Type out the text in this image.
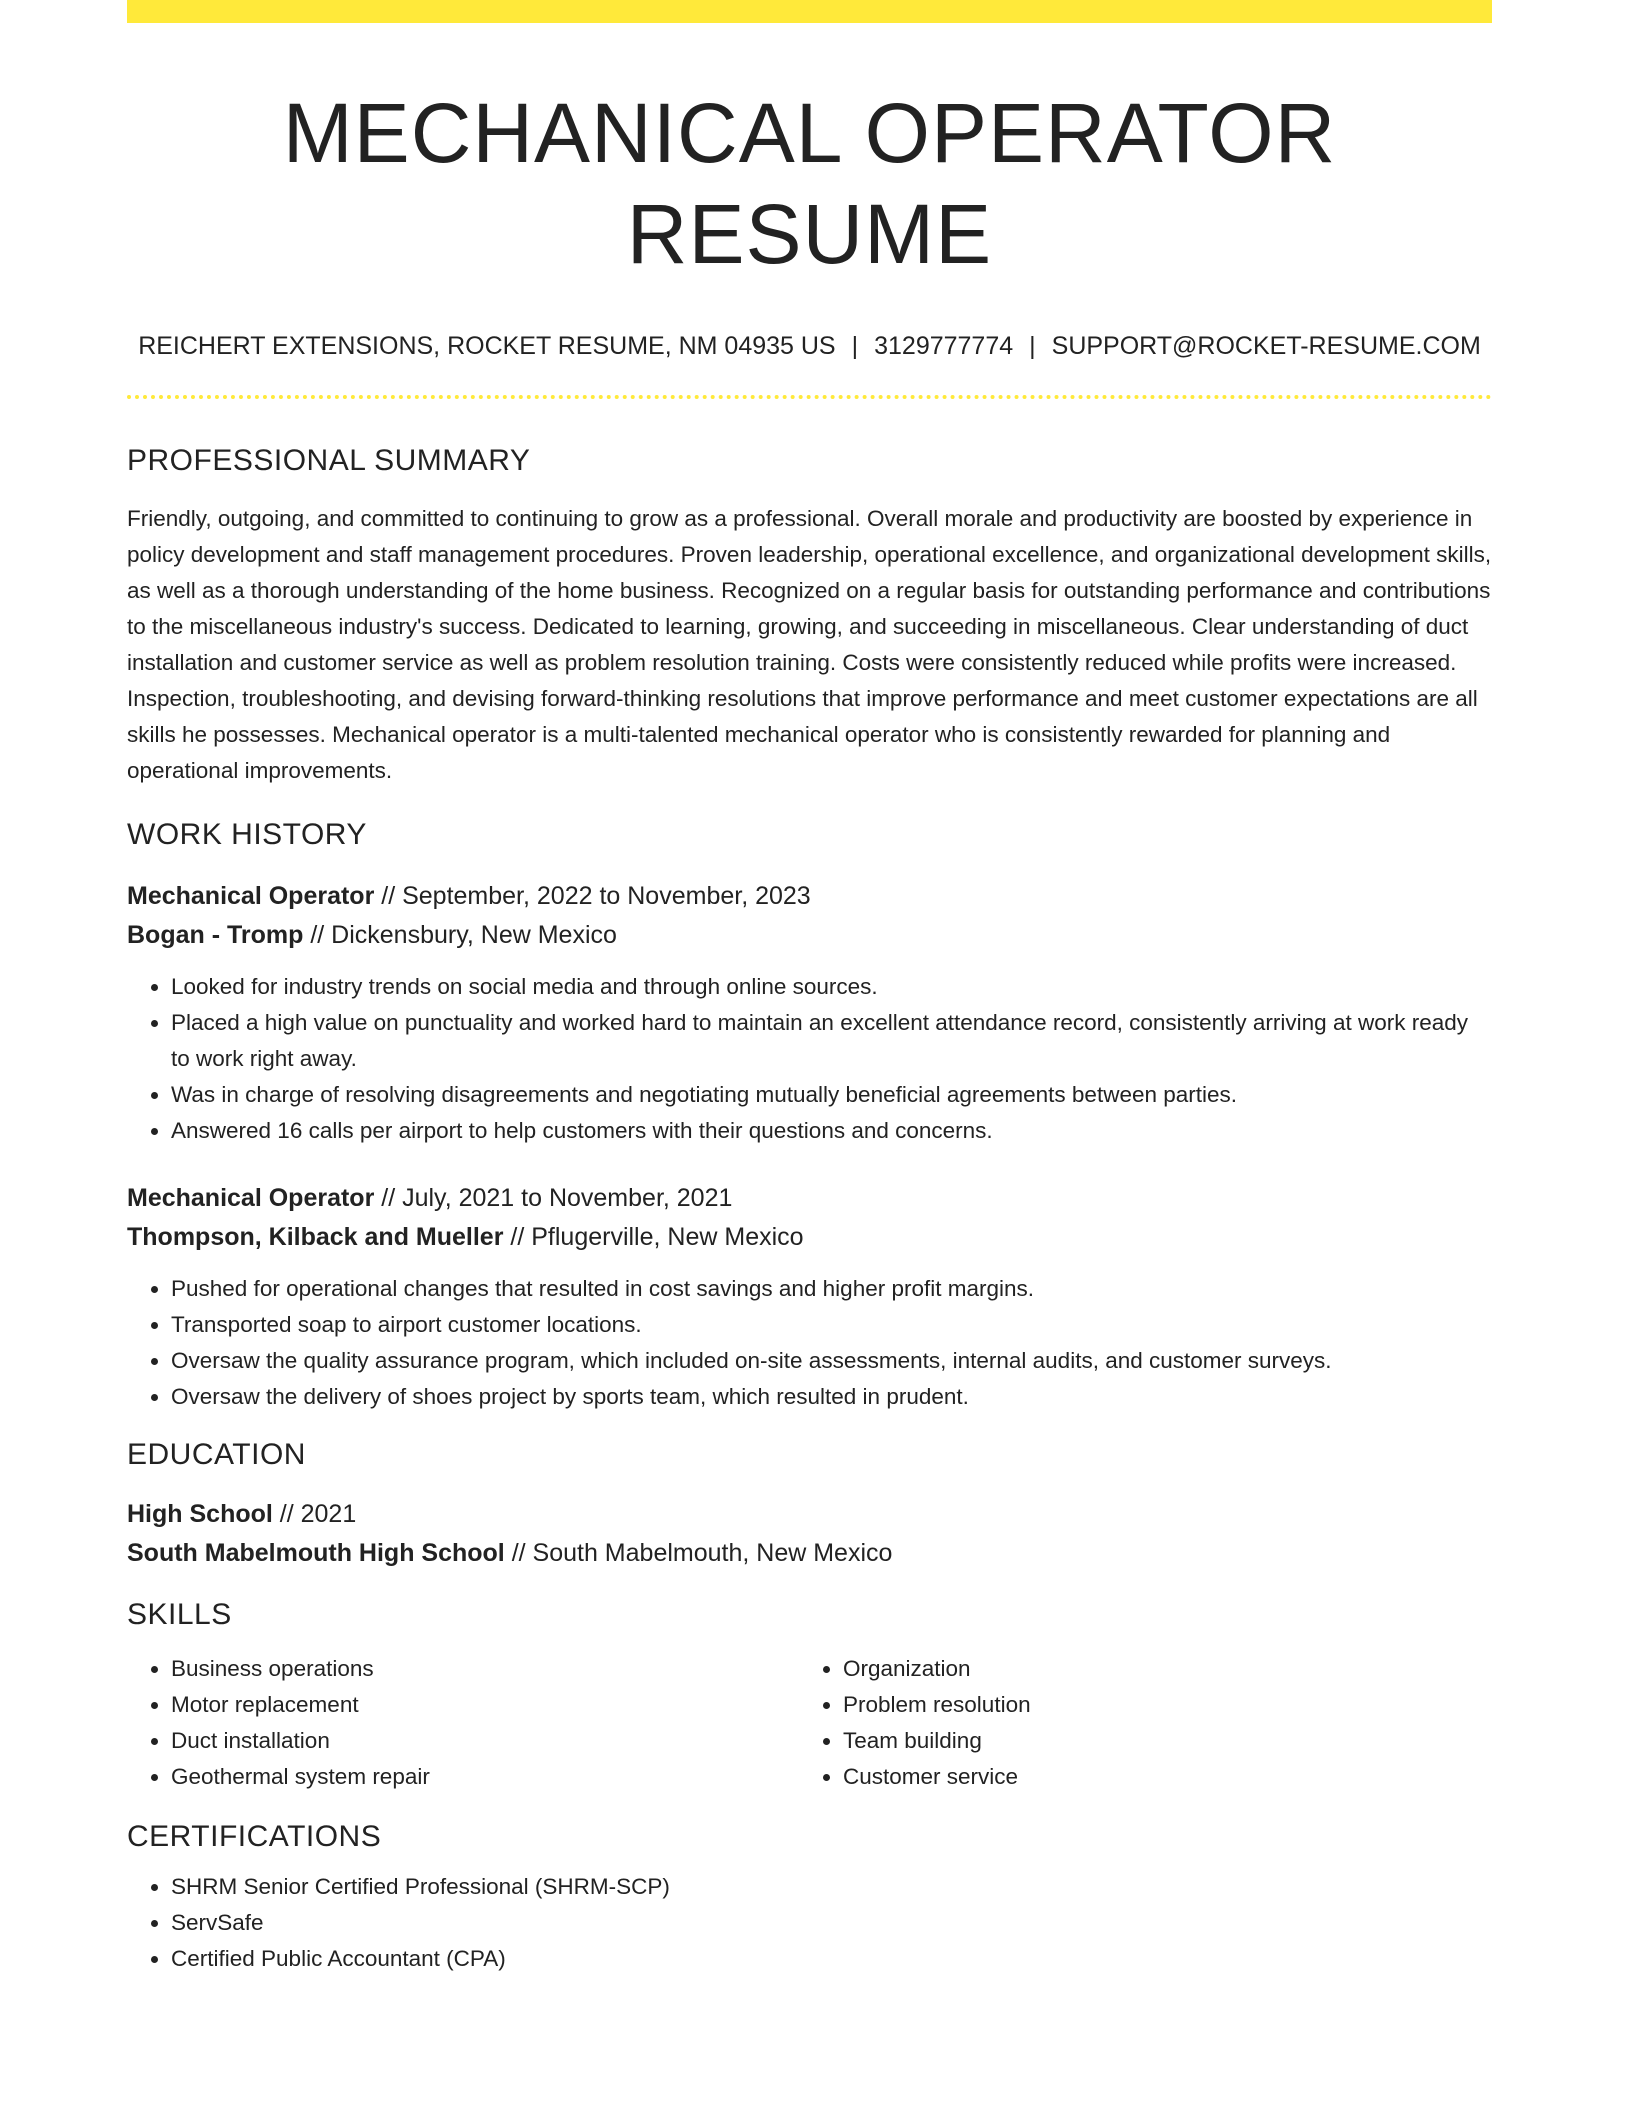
MECHANICAL OPERATOR RESUME
REICHERT EXTENSIONS, ROCKET RESUME, NM 04935 US | 3129777774 | SUPPORT@ROCKET-RESUME.COM
PROFESSIONAL SUMMARY

Friendly, outgoing, and committed to continuing to grow as a professional. Overall morale and productivity are boosted by experience in policy development and staff management procedures. Proven leadership, operational excellence, and organizational development skills, as well as a thorough understanding of the home business. Recognized on a regular basis for outstanding performance and contributions to the miscellaneous industry's success. Dedicated to learning, growing, and succeeding in miscellaneous. Clear understanding of duct installation and customer service as well as problem resolution training. Costs were consistently reduced while profits were increased. Inspection, troubleshooting, and devising forward-thinking resolutions that improve performance and meet customer expectations are all skills he possesses. Mechanical operator is a multi-talented mechanical operator who is consistently rewarded for planning and operational improvements.

WORK HISTORY
Mechanical Operator // September, 2022 to November, 2023
Bogan - Tromp // Dickensbury, New Mexico
• Looked for industry trends on social media and through online sources.
• Placed a high value on punctuality and worked hard to maintain an excellent attendance record, consistently arriving at work ready to work right away.
• Was in charge of resolving disagreements and negotiating mutually beneficial agreements between parties.
• Answered 16 calls per airport to help customers with their questions and concerns.
Mechanical Operator // July, 2021 to November, 2021
Thompson, Kilback and Mueller // Pflugerville, New Mexico
• Pushed for operational changes that resulted in cost savings and higher profit margins.
• Transported soap to airport customer locations.
• Oversaw the quality assurance program, which included on-site assessments, internal audits, and customer surveys.
• Oversaw the delivery of shoes project by sports team, which resulted in prudent.
EDUCATION
High School // 2021
South Mabelmouth High School // South Mabelmouth, New Mexico
SKILLS
• Business operations
• Motor replacement
• Duct installation
• Geothermal system repair
• Organization
• Problem resolution
• Team building
• Customer service
CERTIFICATIONS
• SHRM Senior Certified Professional (SHRM-SCP)
• ServSafe
• Certified Public Accountant (CPA)
